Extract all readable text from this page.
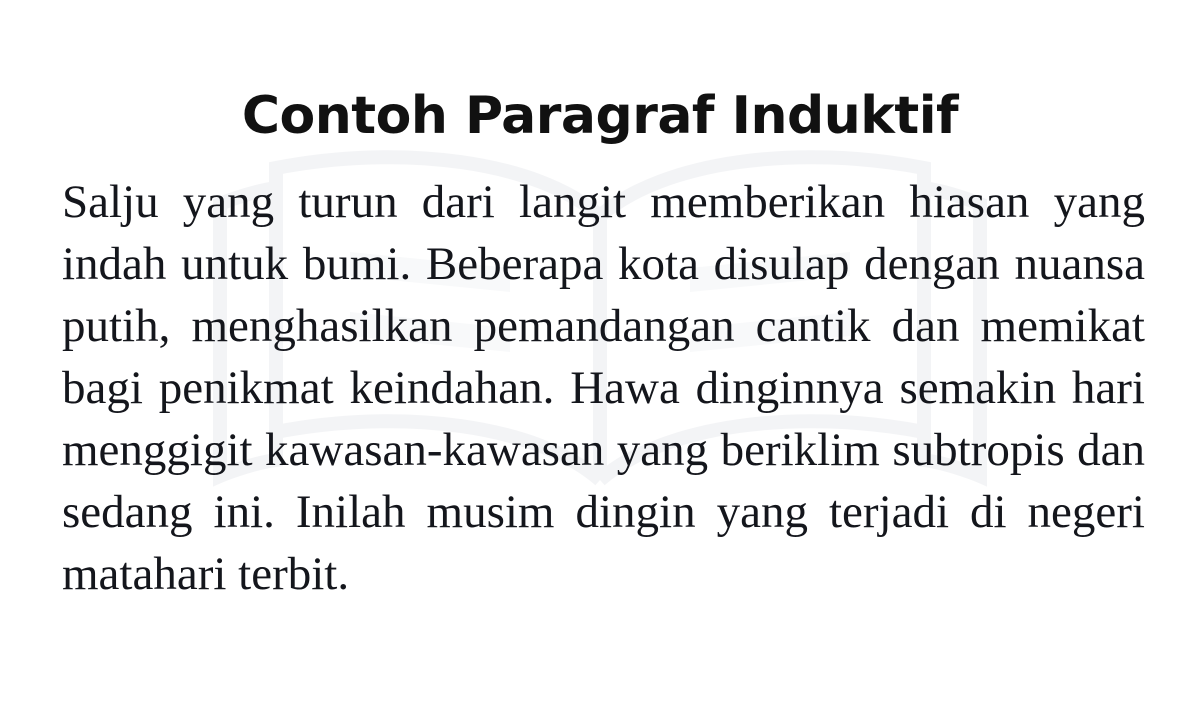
Contoh Paragraf Induktif

Salju yang turun dari langit memberikan hiasan yang indah untuk bumi. Beberapa kota disulap dengan nuansa putih, menghasilkan pemandangan cantik dan memikat bagi penikmat keindahan. Hawa dinginnya semakin hari menggigit kawasan-kawasan yang beriklim subtropis dan sedang ini. Inilah musim dingin yang terjadi di negeri matahari terbit.
